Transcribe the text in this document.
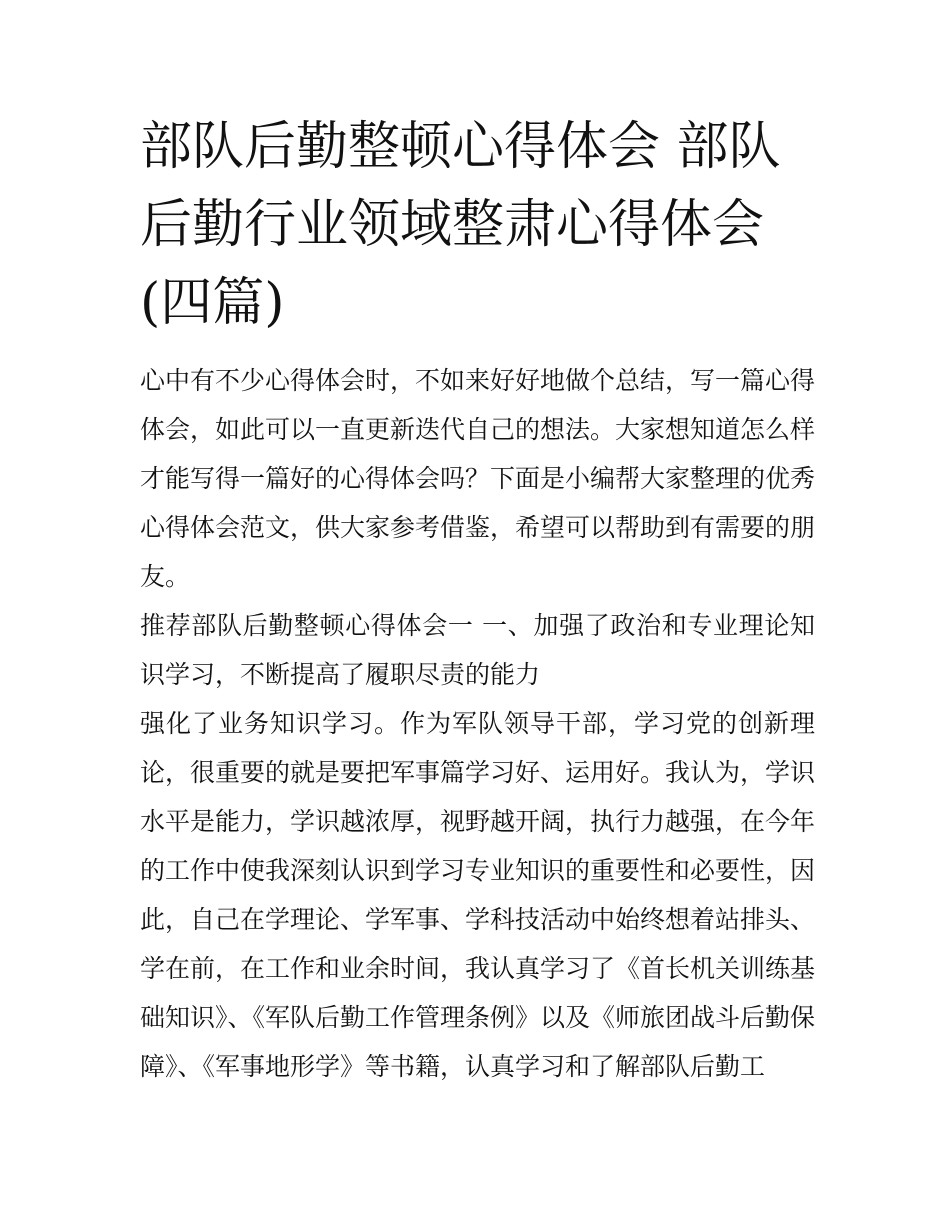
部队后勤整顿心得体会 部队后勤行业领域整肃心得体会(四篇)

心中有不少心得体会时，不如来好好地做个总结，写一篇心得体会，如此可以一直更新迭代自己的想法。大家想知道怎么样才能写得一篇好的心得体会吗？下面是小编帮大家整理的优秀心得体会范文，供大家参考借鉴，希望可以帮助到有需要的朋友。

推荐部队后勤整顿心得体会一 一、加强了政治和专业理论知识学习，不断提高了履职尽责的能力

强化了业务知识学习。作为军队领导干部，学习党的创新理论，很重要的就是要把军事篇学习好、运用好。我认为，学识水平是能力，学识越浓厚，视野越开阔，执行力越强，在今年的工作中使我深刻认识到学习专业知识的重要性和必要性，因此，自己在学理论、学军事、学科技活动中始终想着站排头、学在前，在工作和业余时间，我认真学习了《首长机关训练基础知识》、《军队后勤工作管理条例》以及《师旅团战斗后勤保障》、《军事地形学》等书籍，认真学习和了解部队后勤工
